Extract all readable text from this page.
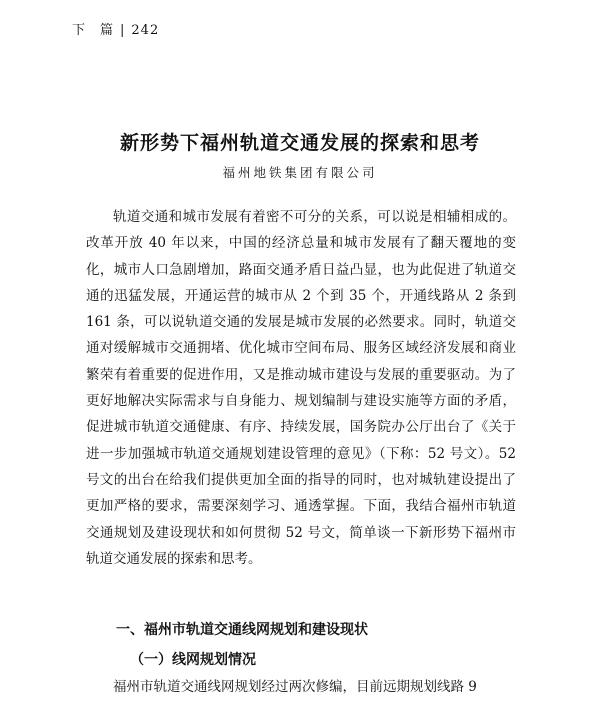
下　篇 | 242
新形势下福州轨道交通发展的探索和思考
福州地铁集团有限公司

轨道交通和城市发展有着密不可分的关系，可以说是相辅相成的。改革开放 40 年以来，中国的经济总量和城市发展有了翻天覆地的变化，城市人口急剧增加，路面交通矛盾日益凸显，也为此促进了轨道交通的迅猛发展，开通运营的城市从 2 个到 35 个，开通线路从 2 条到 161 条，可以说轨道交通的发展是城市发展的必然要求。同时，轨道交通对缓解城市交通拥堵、优化城市空间布局、服务区域经济发展和商业繁荣有着重要的促进作用，又是推动城市建设与发展的重要驱动。为了更好地解决实际需求与自身能力、规划编制与建设实施等方面的矛盾，促进城市轨道交通健康、有序、持续发展，国务院办公厅出台了《关于进一步加强城市轨道交通规划建设管理的意见》（下称：52 号文）。52 号文的出台在给我们提供更加全面的指导的同时，也对城轨建设提出了更加严格的要求，需要深刻学习、通透掌握。下面，我结合福州市轨道交通规划及建设现状和如何贯彻 52 号文，简单谈一下新形势下福州市轨道交通发展的探索和思考。

一、福州市轨道交通线网规划和建设现状
（一）线网规划情况

福州市轨道交通线网规划经过两次修编，目前远期规划线路 9
